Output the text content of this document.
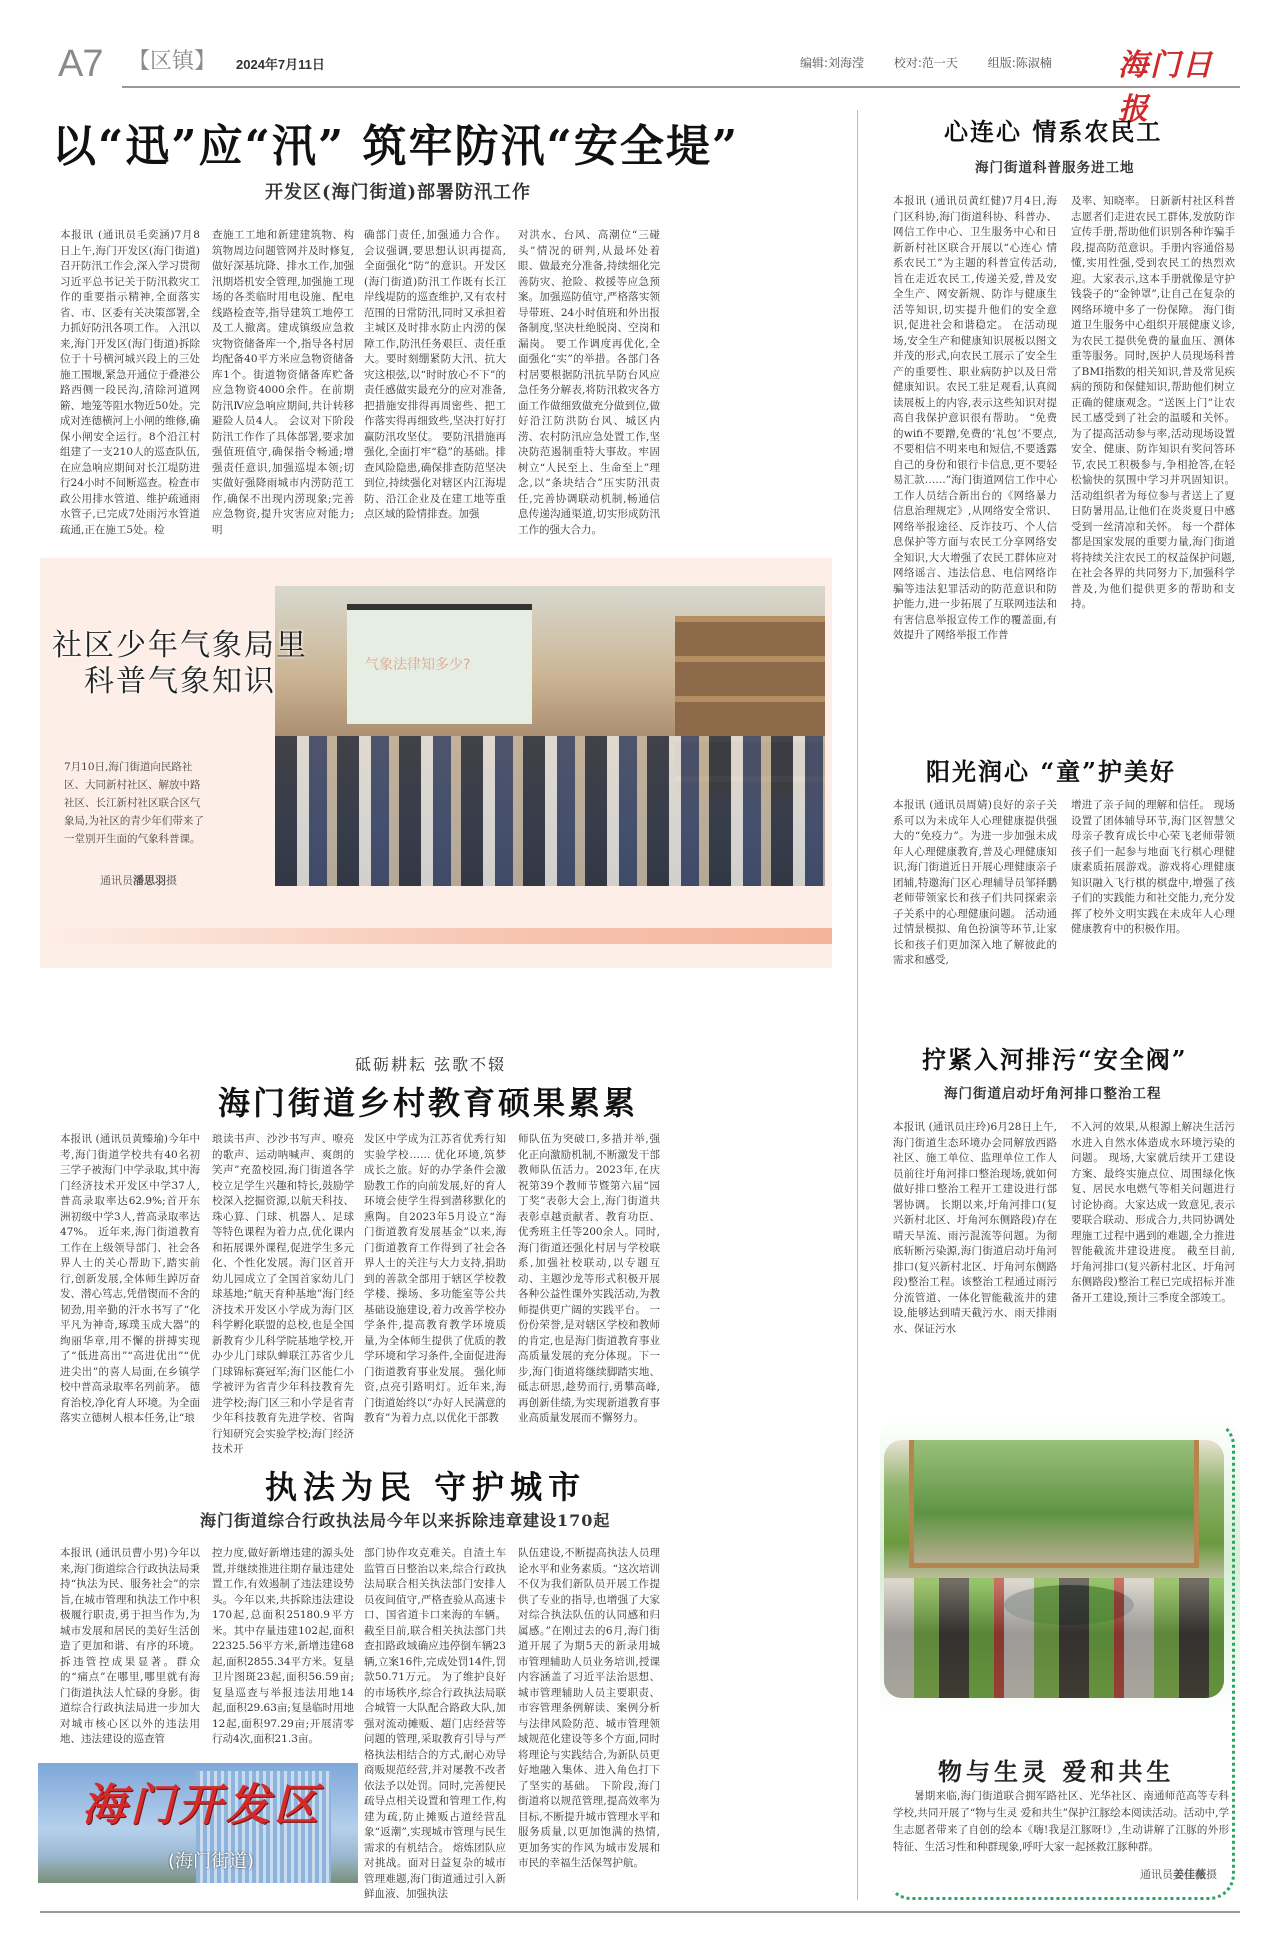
A7 【区镇】 2024年7月11日	编辑:刘海滢 校对:范一天 组版:陈淑楠	海门日报
以“迅”应“汛” 筑牢防汛“安全堤”
开发区(海门街道)部署防汛工作
本报讯 (通讯员毛奕涵)7月8日上午,海门开发区(海门街道)召开防汛工作会,深入学习贯彻习近平总书记关于防汛救灾工作的重要指示精神,全面落实省、市、区委有关决策部署,全力抓好防汛各项工作。 入汛以来,海门开发区(海门街道)拆除位于十号横河城兴段上的三处施工围堰,紧急开通位于叠港公路西侧一段民沟,清除河道网簖、地笼等阻水物近50处。完成对连德横河上小闸的维修,确保小闸安全运行。8个沿江村组建了一支210人的巡查队伍,在应急响应期间对长江堤防进行24小时不间断巡查。检查市政公用排水管道、维护疏通雨水管子,已完成7处雨污水管道疏通,正在施工5处。检
查施工工地和新建建筑物、构筑物周边问题管网并及时修复,做好深基坑降、排水工作,加强汛期塔机安全管理,加强施工现场的各类临时用电设施、配电线路检查等,指导建筑工地停工及工人撤离。建成镇级应急救灾物资储备库一个,指导各村居均配备40平方米应急物资储备库1个。街道物资储备库贮备应急物资4000余件。在前期防汛Ⅳ应急响应期间,共计转移避险人员4人。 会议对下阶段防汛工作作了具体部署,要求加强值班值守,确保指令畅通;增强责任意识,加强巡堤本领;切实做好强降雨城市内涝防范工作,确保不出现内涝现象;完善应急物资,提升灾害应对能力;明
确部门责任,加强通力合作。 会议强调,要思想认识再提高,全面强化“防”的意识。开发区(海门街道)防汛工作既有长江岸线堤防的巡查维护,又有农村范围的日常防汛,同时又承担着主城区及时排水防止内涝的保障工作,防汛任务艰巨、责任重大。要时刻绷紧防大汛、抗大灾这根弦,以“时时放心不下”的责任感做实最充分的应对准备,把措施安排得再周密些、把工作落实得再细致些,坚决打好打赢防汛攻坚仗。 要防汛措施再强化,全面打牢“稳”的基础。排查风险隐患,确保排查防范坚决到位,持续强化对辖区内江海堤防、沿江企业及在建工地等重点区域的险情排查。加强
对洪水、台风、高潮位“三碰头”情况的研判,从最坏处着眼、做最充分准备,持续细化完善防灾、抢险、救援等应急预案。加强巡防值守,严格落实领导带班、24小时值班和外出报备制度,坚决杜绝脱岗、空岗和漏岗。 要工作调度再优化,全面强化“实”的举措。各部门各村居要根据防汛抗旱防台风应急任务分解表,将防汛救灾各方面工作做细致做充分做到位,做好沿江防洪防台风、城区内涝、农村防汛应急处置工作,坚决防范遏制重特大事故。牢固树立“人民至上、生命至上”理念,以“条块结合”压实防汛责任,完善协调联动机制,畅通信息传递沟通渠道,切实形成防汛工作的强大合力。
气象法律知多少?
社区少年气象局里
科普气象知识

7月10日,海门街道向民路社区、大同新村社区、解放中路社区、长江新村社区联合区气象局,为社区的青少年们带来了一堂别开生面的气象科普课。

通讯员潘思羽摄
砥砺耕耘 弦歌不辍
海门街道乡村教育硕果累累
本报讯 (通讯员黄臻瑜)今年中考,海门街道学校共有40名初三学子被海门中学录取,其中海门经济技术开发区中学37人,普高录取率达62.9%;首开东洲初级中学3人,普高录取率达47%。 近年来,海门街道教育工作在上级领导部门、社会各界人士的关心帮助下,踏实前行,创新发展,全体师生踔厉奋发、潜心笃志,凭借锲而不舍的韧劲,用辛勤的汗水书写了“化平凡为神奇,琢璞玉成大器”的绚丽华章,用不懈的拼搏实现了“低进高出”“高进优出”“优进尖出”的喜人局面,在乡镇学校中普高录取率名列前茅。 德育治校,净化育人环境。为全面落实立德树人根本任务,让“琅
琅读书声、沙沙书写声、嘹亮的歌声、运动呐喊声、爽朗的笑声”充盈校园,海门街道各学校立足学生兴趣和特长,鼓励学校深入挖掘资源,以航天科技、珠心算、门球、机器人、足球等特色课程为着力点,优化课内和拓展课外课程,促进学生多元化、个性化发展。海门区首开幼儿园成立了全国首家幼儿门球基地;“航天育种基地”海门经济技术开发区小学成为海门区科学孵化联盟的总校,也是全国新教育少儿科学院基地学校,开办少儿门球队蝉联江苏省少儿门球锦标赛冠军;海门区能仁小学被评为省青少年科技教育先进学校;海门区三和小学是省青少年科技教育先进学校、省陶行知研究会实验学校;海门经济技术开
发区中学成为江苏省优秀行知实验学校…… 优化环境,筑梦成长之旅。好的办学条件会激励教工作的向前发展,好的育人环境会使学生得到潜移默化的熏陶。自2023年5月设立“海门街道教育发展基金”以来,海门街道教育工作得到了社会各界人士的关注与大力支持,捐助到的善款全部用于辖区学校教学楼、操场、多功能室等公共基础设施建设,着力改善学校办学条件,提高教育教学环境质量,为全体师生提供了优质的教学环境和学习条件,全面促进海门街道教育事业发展。 强化师资,点亮引路明灯。近年来,海门街道始终以“办好人民满意的教育”为着力点,以优化干部教
师队伍为突破口,多措并举,强化正向激励机制,不断激发干部教师队伍活力。2023年,在庆祝第39个教师节暨第六届“园丁奖”表彰大会上,海门街道共表彰卓越贡献者、教育功臣、优秀班主任等200余人。同时,海门街道还强化村居与学校联系,加强社校联动,以专题互动、主题沙龙等形式积极开展各种公益性课外实践活动,为教师提供更广阔的实践平台。 一份份荣誉,是对辖区学校和教师的肯定,也是海门街道教育事业高质量发展的充分体现。下一步,海门街道将继续脚踏实地、砥志研思,趁势而行,勇攀高峰,再创新佳绩,为实现新道教育事业高质量发展而不懈努力。
执法为民 守护城市
海门街道综合行政执法局今年以来拆除违章建设170起
本报讯 (通讯员曹小男)今年以来,海门街道综合行政执法局秉持“执法为民、服务社会”的宗旨,在城市管理和执法工作中积极履行职责,勇于担当作为,为城市发展和居民的美好生活创造了更加和谐、有序的环境。 拆违管控成果显著。群众的“痛点”在哪里,哪里就有海门街道执法人忙碌的身影。街道综合行政执法局进一步加大对城市核心区以外的违法用地、违法建设的巡查管
控力度,做好新增违建的源头处置,并继续推进往期存量违建处置工作,有效遏制了违法建设势头。今年以来,共拆除违法建设170起,总面积25180.9平方米。其中存量违建102起,面积22325.56平方米,新增违建68起,面积2855.34平方米。复垦卫片图斑23起,面积56.59亩;复垦巡查与举报违法用地14起,面积29.63亩;复垦临时用地12起,面积97.29亩;开展清零行动4次,面积21.3亩。
部门协作攻克难关。自渣土车监管百日整治以来,综合行政执法局联合相关执法部门安排人员夜间值守,严格查验从高速卡口、国省道卡口来海的车辆。截至目前,联合相关执法部门共查扣路政域确应违停倒车辆23辆,立案16件,完成处罚14件,罚款50.71万元。 为了维护良好的市场秩序,综合行政执法局联合城管一大队配合路政大队,加强对流动摊贩、超门店经营等问题的管理,采取教育引导与严格执法相结合的方式,耐心劝导商贩规范经营,并对屡教不改者依法予以处罚。同时,完善便民疏导点相关设置和管理工作,构建为疏,防止摊贩占道经营乱象“返潮”,实现城市管理与民生需求的有机结合。 熔炼团队应对挑战。面对日益复杂的城市管理难题,海门街道通过引入新鲜血液、加强执法
队伍建设,不断提高执法人员理论水平和业务素质。“这次培训不仅为我们新队员开展工作提供了专业的指导,也增强了大家对综合执法队伍的认同感和归属感。”在刚过去的6月,海门街道开展了为期5天的新录用城市管理辅助人员业务培训,授课内容涵盖了习近平法治思想、城市管理辅助人员主要职责、市容管理条例解读、案例分析与法律风险防范、城市管理领域规范化建设等多个方面,同时将理论与实践结合,为新队员更好地融入集体、进入角色打下了坚实的基础。 下阶段,海门街道将以规范管理,提高效率为目标,不断提升城市管理水平和服务质量,以更加饱满的热情,更加务实的作风为城市发展和市民的幸福生活保驾护航。
海门开发区
(海门街道)
心连心 情系农民工
海门街道科普服务进工地
本报讯 (通讯员黄红健)7月4日,海门区科协,海门街道科协、科普办、网信工作中心、卫生服务中心和日新新村社区联合开展以“心连心 情系农民工”为主题的科普宣传活动,旨在走近农民工,传递关爱,普及安全生产、网安新规、防诈与健康生活等知识,切实提升他们的安全意识,促进社会和谐稳定。 在活动现场,安全生产和健康知识展板以图文并茂的形式,向农民工展示了安全生产的重要性、职业病防护以及日常健康知识。农民工驻足观看,认真阅读展板上的内容,表示这些知识对提高自我保护意识很有帮助。 “免费的wifi不要蹭,免费的‘礼包’不要点,不要相信不明来电和短信,不要透露自己的身份和银行卡信息,更不要轻易汇款……”海门街道网信工作中心工作人员结合新出台的《网络暴力信息治理规定》,从网络安全常识、网络举报途径、反诈技巧、个人信息保护等方面与农民工分享网络安全知识,大大增强了农民工群体应对网络谣言、违法信息、电信网络诈骗等违法犯罪活动的防范意识和防护能力,进一步拓展了互联网违法和有害信息举报宣传工作的覆盖面,有效提升了网络举报工作普
及率、知晓率。 日新新村社区科普志愿者们走进农民工群体,发放防诈宣传手册,帮助他们识别各种诈骗手段,提高防范意识。手册内容通俗易懂,实用性强,受到农民工的热烈欢迎。大家表示,这本手册就像是守护钱袋子的“金钟罩”,让自己在复杂的网络环境中多了一份保障。 海门街道卫生服务中心组织开展健康义诊,为农民工提供免费的量血压、测体重等服务。同时,医护人员现场科普了BMI指数的相关知识,普及常见疾病的预防和保健知识,帮助他们树立正确的健康观念。“送医上门”让农民工感受到了社会的温暖和关怀。 为了提高活动参与率,活动现场设置安全、健康、防诈知识有奖问答环节,农民工积极参与,争相抢答,在轻松愉快的氛围中学习并巩固知识。活动组织者为每位参与者送上了夏日防暑用品,让他们在炎炎夏日中感受到一丝清凉和关怀。 每一个群体都是国家发展的重要力量,海门街道将持续关注农民工的权益保护问题,在社会各界的共同努力下,加强科学普及,为他们提供更多的帮助和支持。
阳光润心 “童”护美好
本报讯 (通讯员周婧)良好的亲子关系可以为未成年人心理健康提供强大的“免疫力”。为进一步加强未成年人心理健康教育,普及心理健康知识,海门街道近日开展心理健康亲子团辅,特邀海门区心理辅导员邹择鹏老师带领家长和孩子们共同探索亲子关系中的心理健康问题。 活动通过情景模拟、角色扮演等环节,让家长和孩子们更加深入地了解彼此的需求和感受,
增进了亲子间的理解和信任。 现场设置了团体辅导环节,海门区智慧父母亲子教育成长中心荣飞老师带领孩子们一起参与地面飞行棋心理健康素质拓展游戏。游戏将心理健康知识融入飞行棋的棋盘中,增强了孩子们的实践能力和社交能力,充分发挥了校外文明实践在未成年人心理健康教育中的积极作用。
拧紧入河排污“安全阀”
海门街道启动圩角河排口整治工程
本报讯 (通讯员庄玲)6月28日上午,海门街道生态环境办会同解放西路社区、施工单位、监理单位工作人员前往圩角河排口整治现场,就如何做好排口整治工程开工建设进行部署协调。 长期以来,圩角河排口(复兴新村北区、圩角河东侧路段)存在晴天旱流、雨污混流等问题。为彻底斩断污染源,海门街道启动圩角河排口(复兴新村北区、圩角河东侧路段)整治工程。该整治工程通过雨污分流管道、一体化智能截流井的建设,能够达到晴天截污水、雨天排雨水、保证污水
不入河的效果,从根源上解决生活污水进入自然水体造成水环境污染的问题。 现场,大家就后续开工建设方案、最终实施点位、周围绿化恢复、居民水电燃气等相关问题进行讨论协商。大家达成一致意见,表示要联合联动、形成合力,共同协调处理施工过程中遇到的难题,全力推进智能截流井建设进度。 截至目前,圩角河排口(复兴新村北区、圩角河东侧路段)整治工程已完成招标并准备开工建设,预计三季度全部竣工。
物与生灵 爱和共生

暑期来临,海门街道联合拥军路社区、光华社区、南通师范高等专科学校,共同开展了“物与生灵 爱和共生”保护江豚绘本阅读活动。活动中,学生志愿者带来了自创的绘本《嗨!我是江豚呀!》,生动讲解了江豚的外形特征、生活习性和种群现象,呼吁大家一起拯救江豚种群。

通讯员姜佳薇摄
